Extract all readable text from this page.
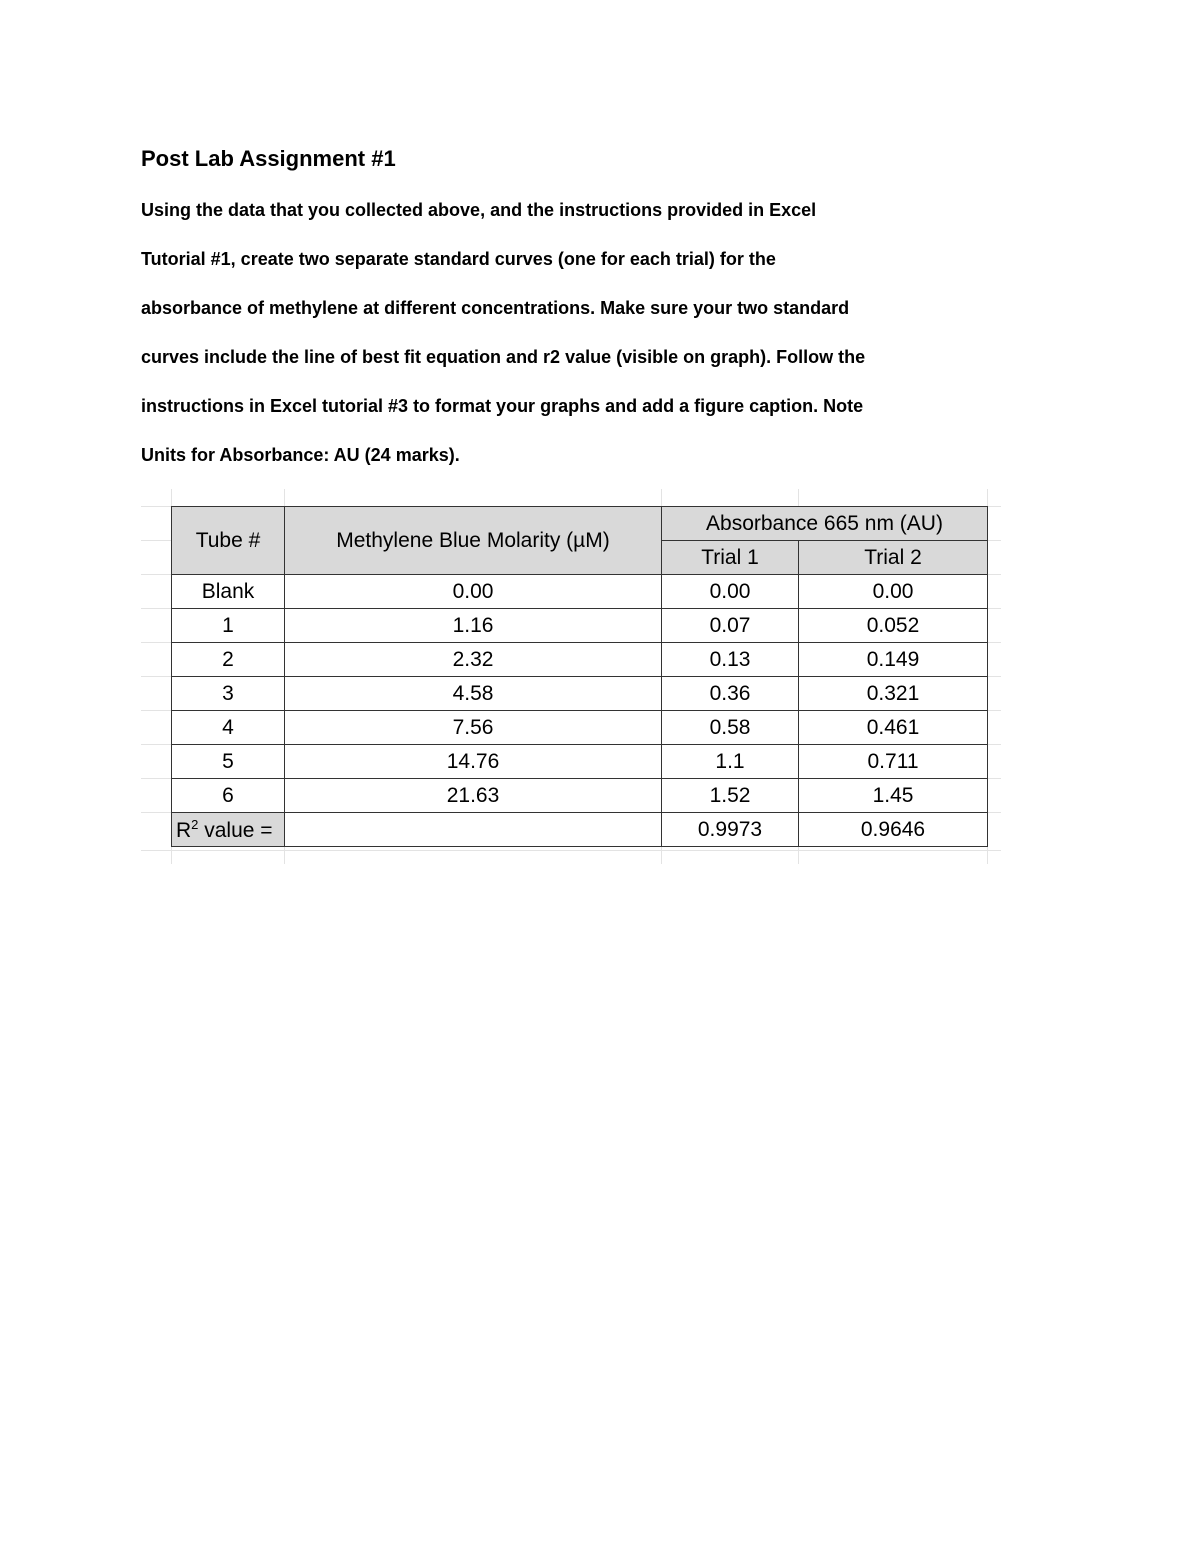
Post Lab Assignment #1

Using the data that you collected above, and the instructions provided in Excel
Tutorial #1, create two separate standard curves (one for each trial) for the
absorbance of methylene at different concentrations. Make sure your two standard
curves include the line of best fit equation and r2 value (visible on graph). Follow the
instructions in Excel tutorial #3 to format your graphs and add a figure caption. Note
Units for Absorbance: AU (24 marks).

Tube #	Methylene Blue Molarity (µM)	Absorbance 665 nm (AU)	
		Trial 1	Trial 2
Blank	0.00	0.00	0.00
1	1.16	0.07	0.052
2	2.32	0.13	0.149
3	4.58	0.36	0.321
4	7.56	0.58	0.461
5	14.76	1.1	0.711
6	21.63	1.52	1.45
$R^2$ value =		0.9973	0.9646
